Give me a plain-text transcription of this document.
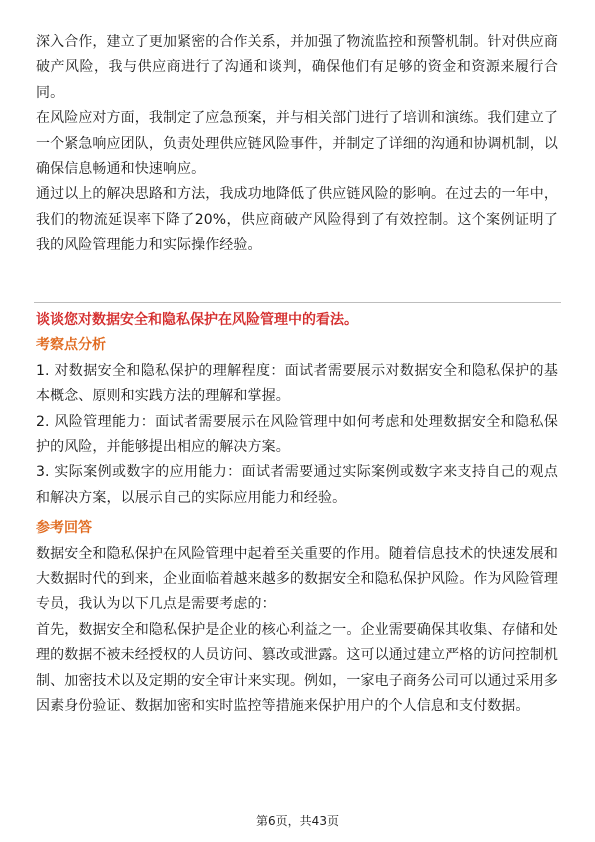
深入合作，建立了更加紧密的合作关系，并加强了物流监控和预警机制。针对供应商破产风险，我与供应商进行了沟通和谈判，确保他们有足够的资金和资源来履行合同。

在风险应对方面，我制定了应急预案，并与相关部门进行了培训和演练。我们建立了一个紧急响应团队，负责处理供应链风险事件，并制定了详细的沟通和协调机制，以确保信息畅通和快速响应。

通过以上的解决思路和方法，我成功地降低了供应链风险的影响。在过去的一年中，我们的物流延误率下降了20%，供应商破产风险得到了有效控制。这个案例证明了我的风险管理能力和实际操作经验。

谈谈您对数据安全和隐私保护在风险管理中的看法。

考察点分析

1. 对数据安全和隐私保护的理解程度：面试者需要展示对数据安全和隐私保护的基本概念、原则和实践方法的理解和掌握。

2. 风险管理能力：面试者需要展示在风险管理中如何考虑和处理数据安全和隐私保护的风险，并能够提出相应的解决方案。

3. 实际案例或数字的应用能力：面试者需要通过实际案例或数字来支持自己的观点和解决方案，以展示自己的实际应用能力和经验。

参考回答

数据安全和隐私保护在风险管理中起着至关重要的作用。随着信息技术的快速发展和大数据时代的到来，企业面临着越来越多的数据安全和隐私保护风险。作为风险管理专员，我认为以下几点是需要考虑的：

首先，数据安全和隐私保护是企业的核心利益之一。企业需要确保其收集、存储和处理的数据不被未经授权的人员访问、篡改或泄露。这可以通过建立严格的访问控制机制、加密技术以及定期的安全审计来实现。例如，一家电子商务公司可以通过采用多因素身份验证、数据加密和实时监控等措施来保护用户的个人信息和支付数据。

第6页，共43页
